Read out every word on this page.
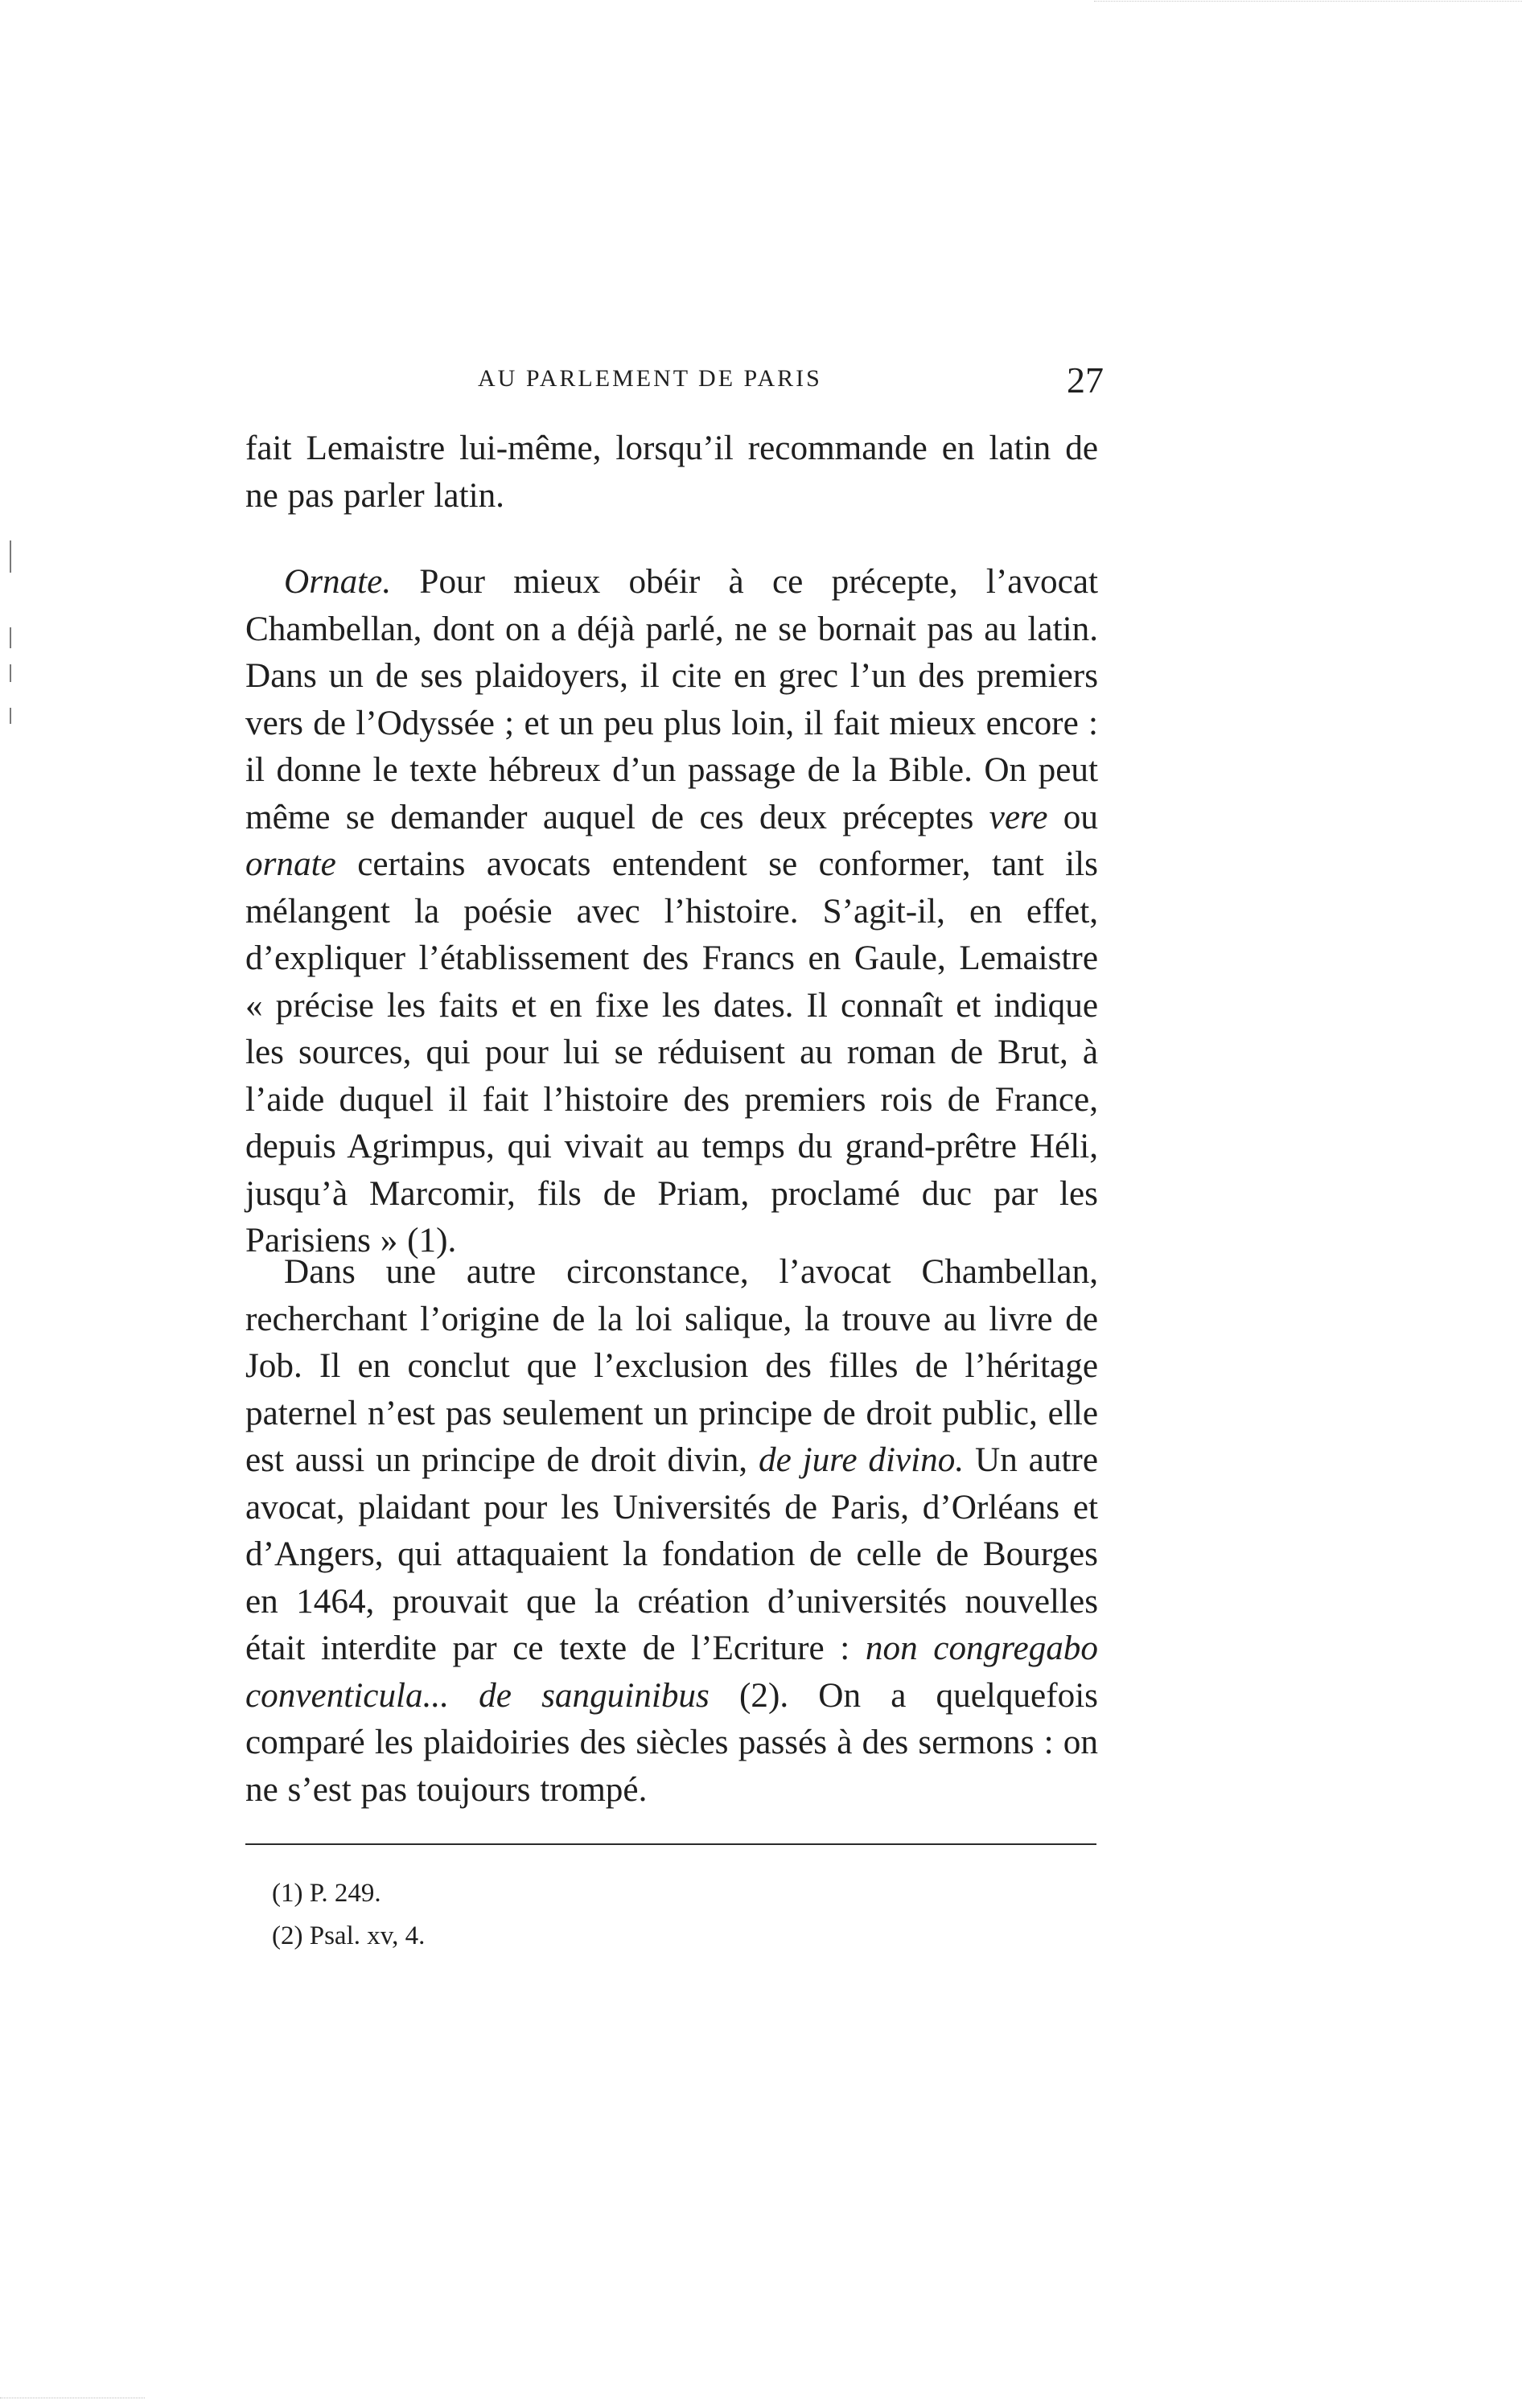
AU PARLEMENT DE PARIS	27

fait Lemaistre lui-même, lorsqu’il recommande en latin de ne pas parler latin.

Ornate. Pour mieux obéir à ce précepte, l’avocat Chambellan, dont on a déjà parlé, ne se bornait pas au latin. Dans un de ses plaidoyers, il cite en grec l’un des premiers vers de l’Odyssée ; et un peu plus loin, il fait mieux encore : il donne le texte hébreux d’un passage de la Bible. On peut même se demander auquel de ces deux préceptes vere ou ornate certains avocats entendent se conformer, tant ils mélangent la poésie avec l’histoire. S’agit-il, en effet, d’expliquer l’établissement des Francs en Gaule, Lemaistre « précise les faits et en fixe les dates. Il connaît et indique les sources, qui pour lui se réduisent au roman de Brut, à l’aide duquel il fait l’histoire des premiers rois de France, depuis Agrimpus, qui vivait au temps du grand-prêtre Héli, jusqu’à Marcomir, fils de Priam, proclamé duc par les Parisiens » (1).

Dans une autre circonstance, l’avocat Chambellan, recherchant l’origine de la loi salique, la trouve au livre de Job. Il en conclut que l’exclusion des filles de l’héritage paternel n’est pas seulement un principe de droit public, elle est aussi un principe de droit divin, de jure divino. Un autre avocat, plaidant pour les Universités de Paris, d’Orléans et d’Angers, qui attaquaient la fondation de celle de Bourges en 1464, prouvait que la création d’universités nouvelles était interdite par ce texte de l’Ecriture : non congregabo conventicula... de sanguinibus (2). On a quelquefois comparé les plaidoiries des siècles passés à des sermons : on ne s’est pas toujours trompé.

(1) P. 249.

(2) Psal. xv, 4.
